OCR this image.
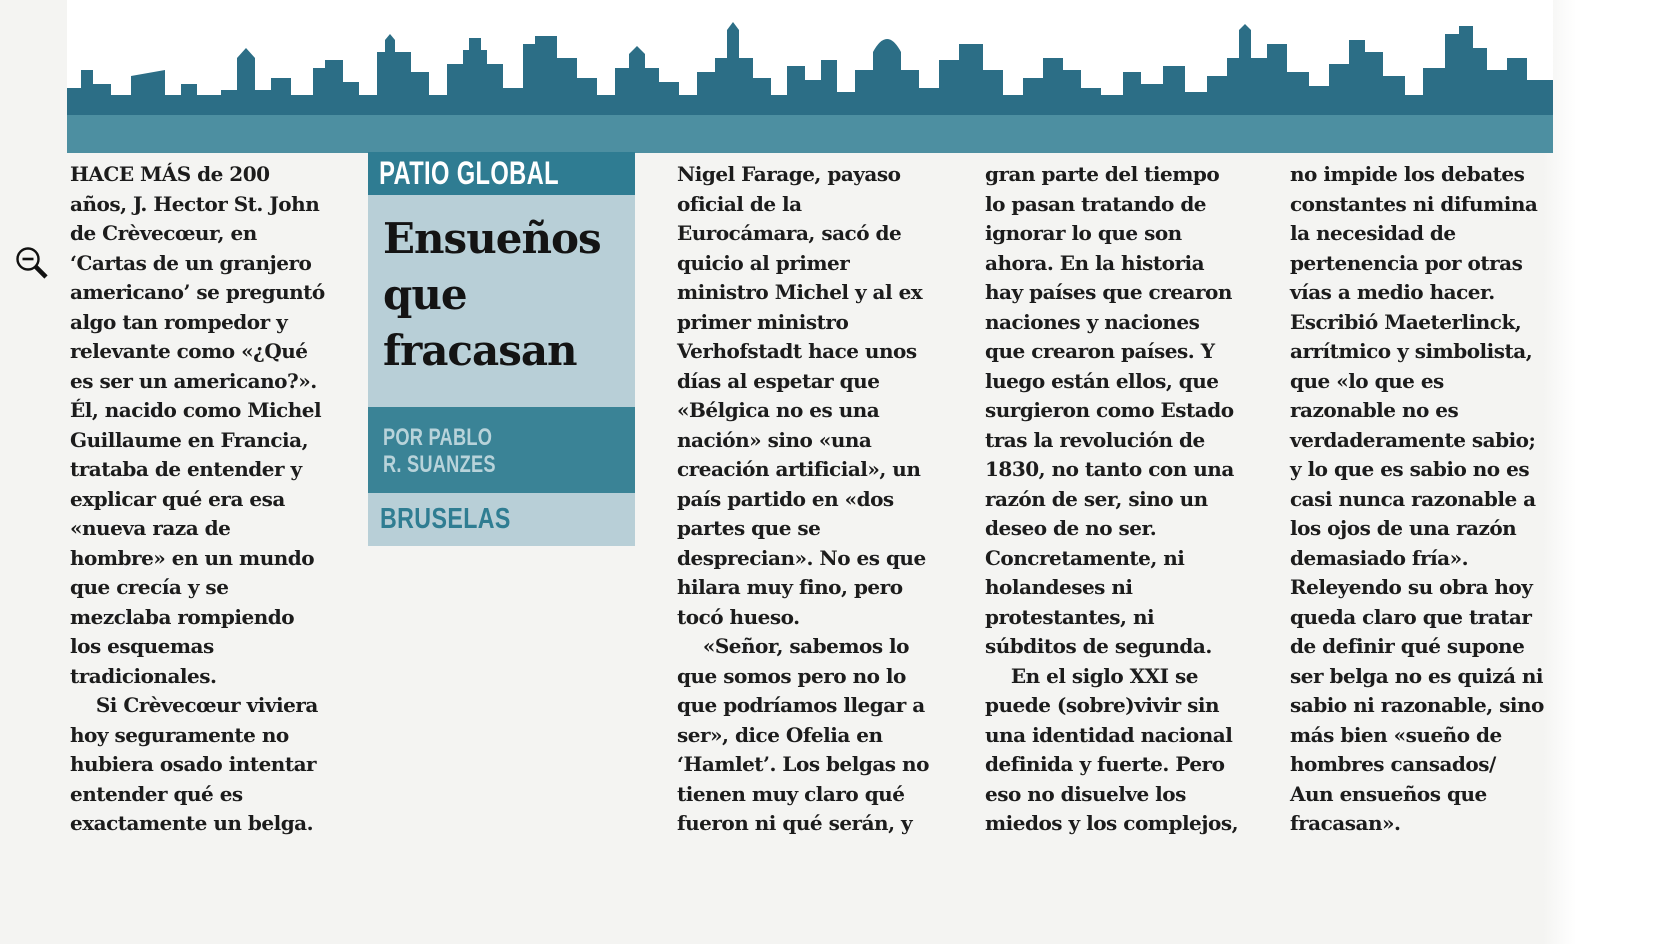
PATIO GLOBAL
Ensueños
que
fracasan
POR PABLO
R. SUANZES
BRUSELAS
HACE MÁS de 200
años, J. Hector St. John
de Crèvecœur, en
‘Cartas de un granjero
americano’ se preguntó
algo tan rompedor y
relevante como «¿Qué
es ser un americano?».
Él, nacido como Michel
Guillaume en Francia,
trataba de entender y
explicar qué era esa
«nueva raza de
hombre» en un mundo
que crecía y se
mezclaba rompiendo
los esquemas
tradicionales.
Si Crèvecœur viviera
hoy seguramente no
hubiera osado intentar
entender qué es
exactamente un belga.
Nigel Farage, payaso
oficial de la
Eurocámara, sacó de
quicio al primer
ministro Michel y al ex
primer ministro
Verhofstadt hace unos
días al espetar que
«Bélgica no es una
nación» sino «una
creación artificial», un
país partido en «dos
partes que se
desprecian». No es que
hilara muy fino, pero
tocó hueso.
«Señor, sabemos lo
que somos pero no lo
que podríamos llegar a
ser», dice Ofelia en
‘Hamlet’. Los belgas no
tienen muy claro qué
fueron ni qué serán, y
gran parte del tiempo
lo pasan tratando de
ignorar lo que son
ahora. En la historia
hay países que crearon
naciones y naciones
que crearon países. Y
luego están ellos, que
surgieron como Estado
tras la revolución de
1830, no tanto con una
razón de ser, sino un
deseo de no ser.
Concretamente, ni
holandeses ni
protestantes, ni
súbditos de segunda.
En el siglo XXI se
puede (sobre)vivir sin
una identidad nacional
definida y fuerte. Pero
eso no disuelve los
miedos y los complejos,
no impide los debates
constantes ni difumina
la necesidad de
pertenencia por otras
vías a medio hacer.
Escribió Maeterlinck,
arrítmico y simbolista,
que «lo que es
razonable no es
verdaderamente sabio;
y lo que es sabio no es
casi nunca razonable a
los ojos de una razón
demasiado fría».
Releyendo su obra hoy
queda claro que tratar
de definir qué supone
ser belga no es quizá ni
sabio ni razonable, sino
más bien «sueño de
hombres cansados/
Aun ensueños que
fracasan».
